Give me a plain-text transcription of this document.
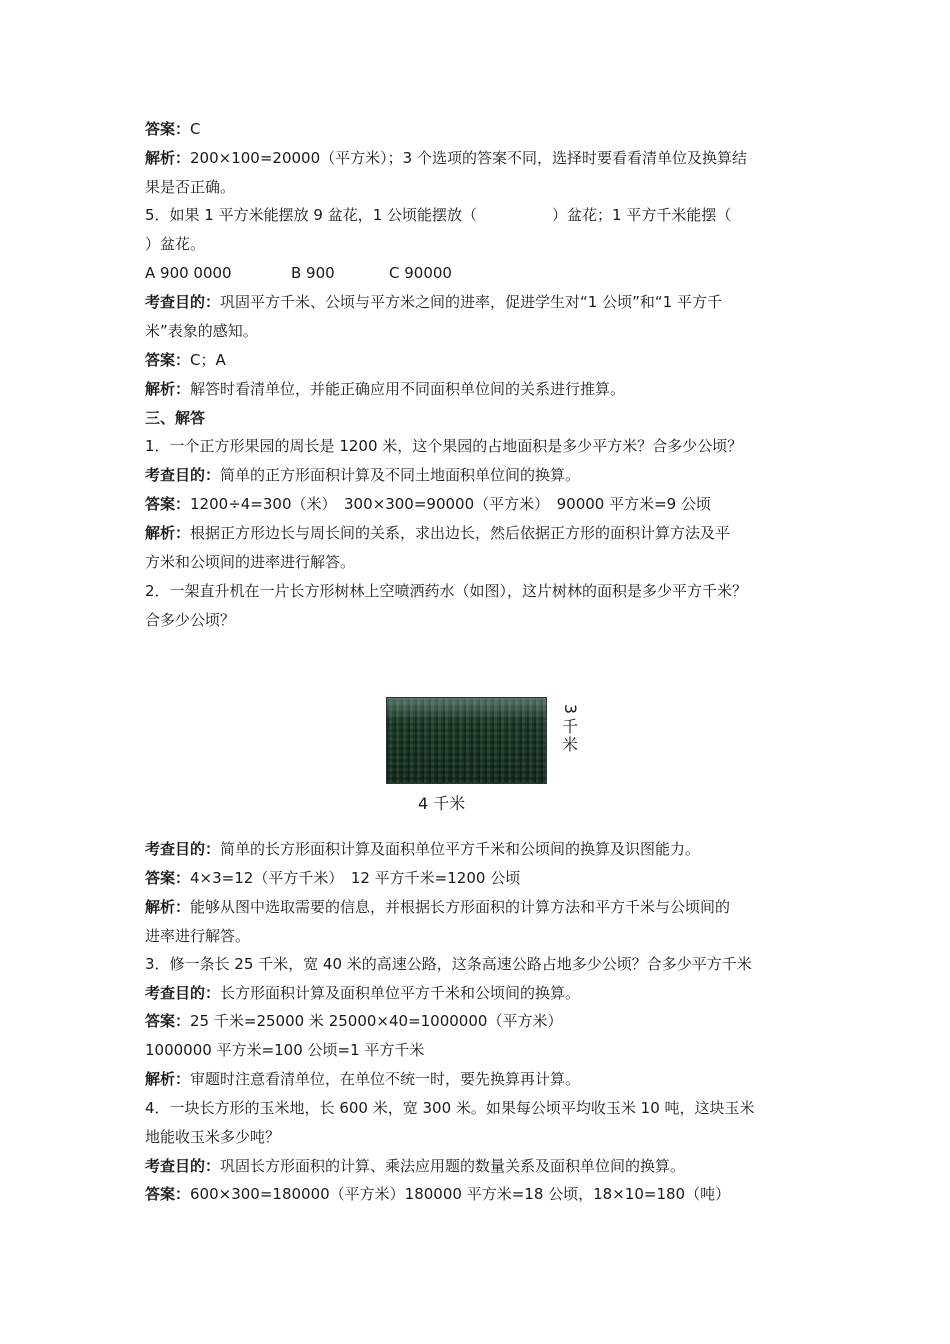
答案：C
解析：200×100=20000（平方米）；3 个选项的答案不同，选择时要看看清单位及换算结
果是否正确。
5．如果 1 平方米能摆放 9 盆花，1 公顷能摆放（　　　　　）盆花；1 平方千米能摆（
）盆花。
A 900 0000	B 900	C 90000
考查目的：巩固平方千米、公顷与平方米之间的进率，促进学生对“1 公顷”和“1 平方千
米”表象的感知。
答案：C；A
解析：解答时看清单位，并能正确应用不同面积单位间的关系进行推算。
三、解答
1．一个正方形果园的周长是 1200 米，这个果园的占地面积是多少平方米？合多少公顷？
考查目的：简单的正方形面积计算及不同土地面积单位间的换算。
答案：1200÷4=300（米）　300×300=90000（平方米）　90000 平方米=9 公顷
解析：根据正方形边长与周长间的关系，求出边长，然后依据正方形的面积计算方法及平
方米和公顷间的进率进行解答。
2．一架直升机在一片长方形树林上空喷洒药水（如图），这片树林的面积是多少平方千米？
合多少公顷？
3
千
米
4 千米
考查目的：简单的长方形面积计算及面积单位平方千米和公顷间的换算及识图能力。
答案：4×3=12（平方千米）　12 平方千米=1200 公顷
解析：能够从图中选取需要的信息，并根据长方形面积的计算方法和平方千米与公顷间的
进率进行解答。
3．修一条长 25 千米，宽 40 米的高速公路，这条高速公路占地多少公顷？合多少平方千米
考查目的：长方形面积计算及面积单位平方千米和公顷间的换算。
答案：25 千米=25000 米 25000×40=1000000（平方米）
1000000 平方米=100 公顷=1 平方千米
解析：审题时注意看清单位，在单位不统一时，要先换算再计算。
4．一块长方形的玉米地，长 600 米，宽 300 米。如果每公顷平均收玉米 10 吨，这块玉米
地能收玉米多少吨？
考查目的：巩固长方形面积的计算、乘法应用题的数量关系及面积单位间的换算。
答案：600×300=180000（平方米）180000 平方米=18 公顷，18×10=180（吨）
